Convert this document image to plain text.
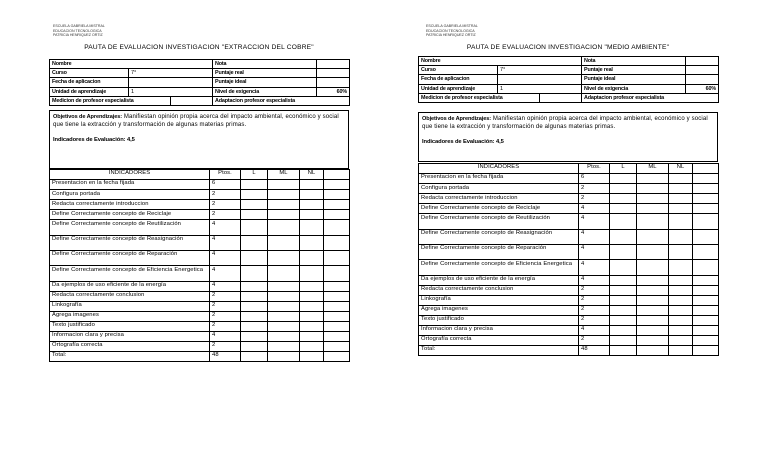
ESCUELA GABRIELA MISTRAL
EDUCACION TECNOLOGICA
PATRICIA HENRIQUEZ ORTIZ
PAUTA DE EVALUACION INVESTIGACION "EXTRACCION DEL COBRE"
Nombre			Nota	
Curso	7°		Puntaje real	
Fecha de aplicacion			Puntaje ideal	
Unidad de aprendizaje	1		Nivel de exigencia	60%
Medicion de profesor especialista			Adaptacion profesor especialista	
Objetivos de Aprendizajes: Manifiestan opinión propia acerca del impacto ambiental, económico y social que tiene la extracción y transformación de algunas materias primas.
Indicadores de Evaluación: 4,5
INDICADORES	Ptos.	L	ML	NL	
Presentacion en la fecha fijada	6				
Configura portada	2				
Redacta correctamente introduccion	2				
Define Correctamente concepto de Reciclaje	2				
Define Correctamente concepto de Reutilización	4				
Define Correctamente concepto de Reasignación	4				
Define Correctamente concepto de Reparación	4				
Define Correctamente concepto de Eficiencia Energetica	4				
Da ejemplos de uso eficiente de la energía	4				
Redacta correctamente conclusion	2				
Linkografía	2				
Agrega imagenes	2				
Texto justificado	2				
Informacion clara y precisa	4				
Ortografía correcta	2				
Total:	48				
ESCUELA GABRIELA MISTRAL
EDUCACION TECNOLOGICA
PATRICIA HENRIQUEZ ORTIZ
PAUTA DE EVALUACION INVESTIGACION "MEDIO AMBIENTE"
Nombre			Nota	
Curso	7°		Puntaje real	
Fecha de aplicacion			Puntaje ideal	
Unidad de aprendizaje	1		Nivel de exigencia	60%
Medicion de profesor especialista			Adaptacion profesor especialista	
Objetivos de Aprendizajes: Manifiestan opinión propia acerca del impacto ambiental, económico y social que tiene la extracción y transformación de algunas materias primas.
Indicadores de Evaluación: 4,5
INDICADORES	Ptos.	L	ML	NL	
Presentacion en la fecha fijada	6				
Configura portada	2				
Redacta correctamente introduccion	2				
Define Correctamente concepto de Reciclaje	4				
Define Correctamente concepto de Reutilización	4				
Define Correctamente concepto de Reasignación	4				
Define Correctamente concepto de Reparación	4				
Define Correctamente concepto de Eficiencia Energetica	4				
Da ejemplos de uso eficiente de la energía	4				
Redacta correctamente conclusion	2				
Linkografía	2				
Agrega imagenes	2				
Texto justificado	2				
Informacion clara y precisa	4				
Ortografía correcta	2				
Total:	48				
